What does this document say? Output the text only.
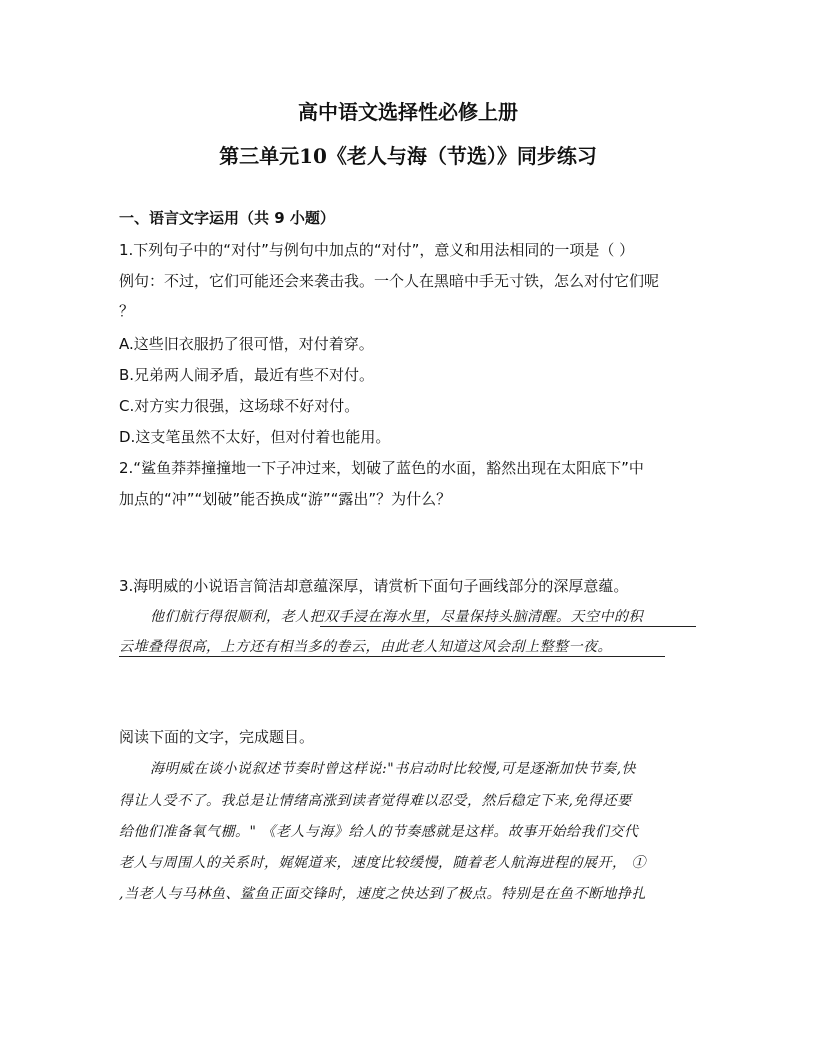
高中语文选择性必修上册
第三单元10《老人与海（节选）》同步练习
一、语言文字运用（共 9 小题）
1.下列句子中的“对付”与例句中加点的“对付”，意义和用法相同的一项是（ ）
例句：不过，它们可能还会来袭击我。一个人在黑暗中手无寸铁，怎么对付它们呢
？
A.这些旧衣服扔了很可惜，对付着穿。
B.兄弟两人闹矛盾，最近有些不对付。
C.对方实力很强，这场球不好对付。
D.这支笔虽然不太好，但对付着也能用。
2.“鲨鱼莽莽撞撞地一下子冲过来，划破了蓝色的水面，豁然出现在太阳底下”中
加点的“冲”“划破”能否换成“游”“露出”？为什么？
3.海明威的小说语言简洁却意蕴深厚，请赏析下面句子画线部分的深厚意蕴。
他们航行得很顺利，老人把双手浸在海水里，尽量保持头脑清醒。天空中的积
云堆叠得很高，上方还有相当多的卷云，由此老人知道这风会刮上整整一夜。
阅读下面的文字，完成题目。
海明威在谈小说叙述节奏时曾这样说:"书启动时比较慢,可是逐渐加快节奏,快
得让人受不了。我总是让情绪高涨到读者觉得难以忍受，然后稳定下来,免得还要
给他们准备氧气棚。" 《老人与海》给人的节奏感就是这样。故事开始给我们交代
老人与周围人的关系时，娓娓道来，速度比较缓慢，随着老人航海进程的展开， ①
,当老人与马林鱼、鲨鱼正面交锋时，速度之快达到了极点。特别是在鱼不断地挣扎
